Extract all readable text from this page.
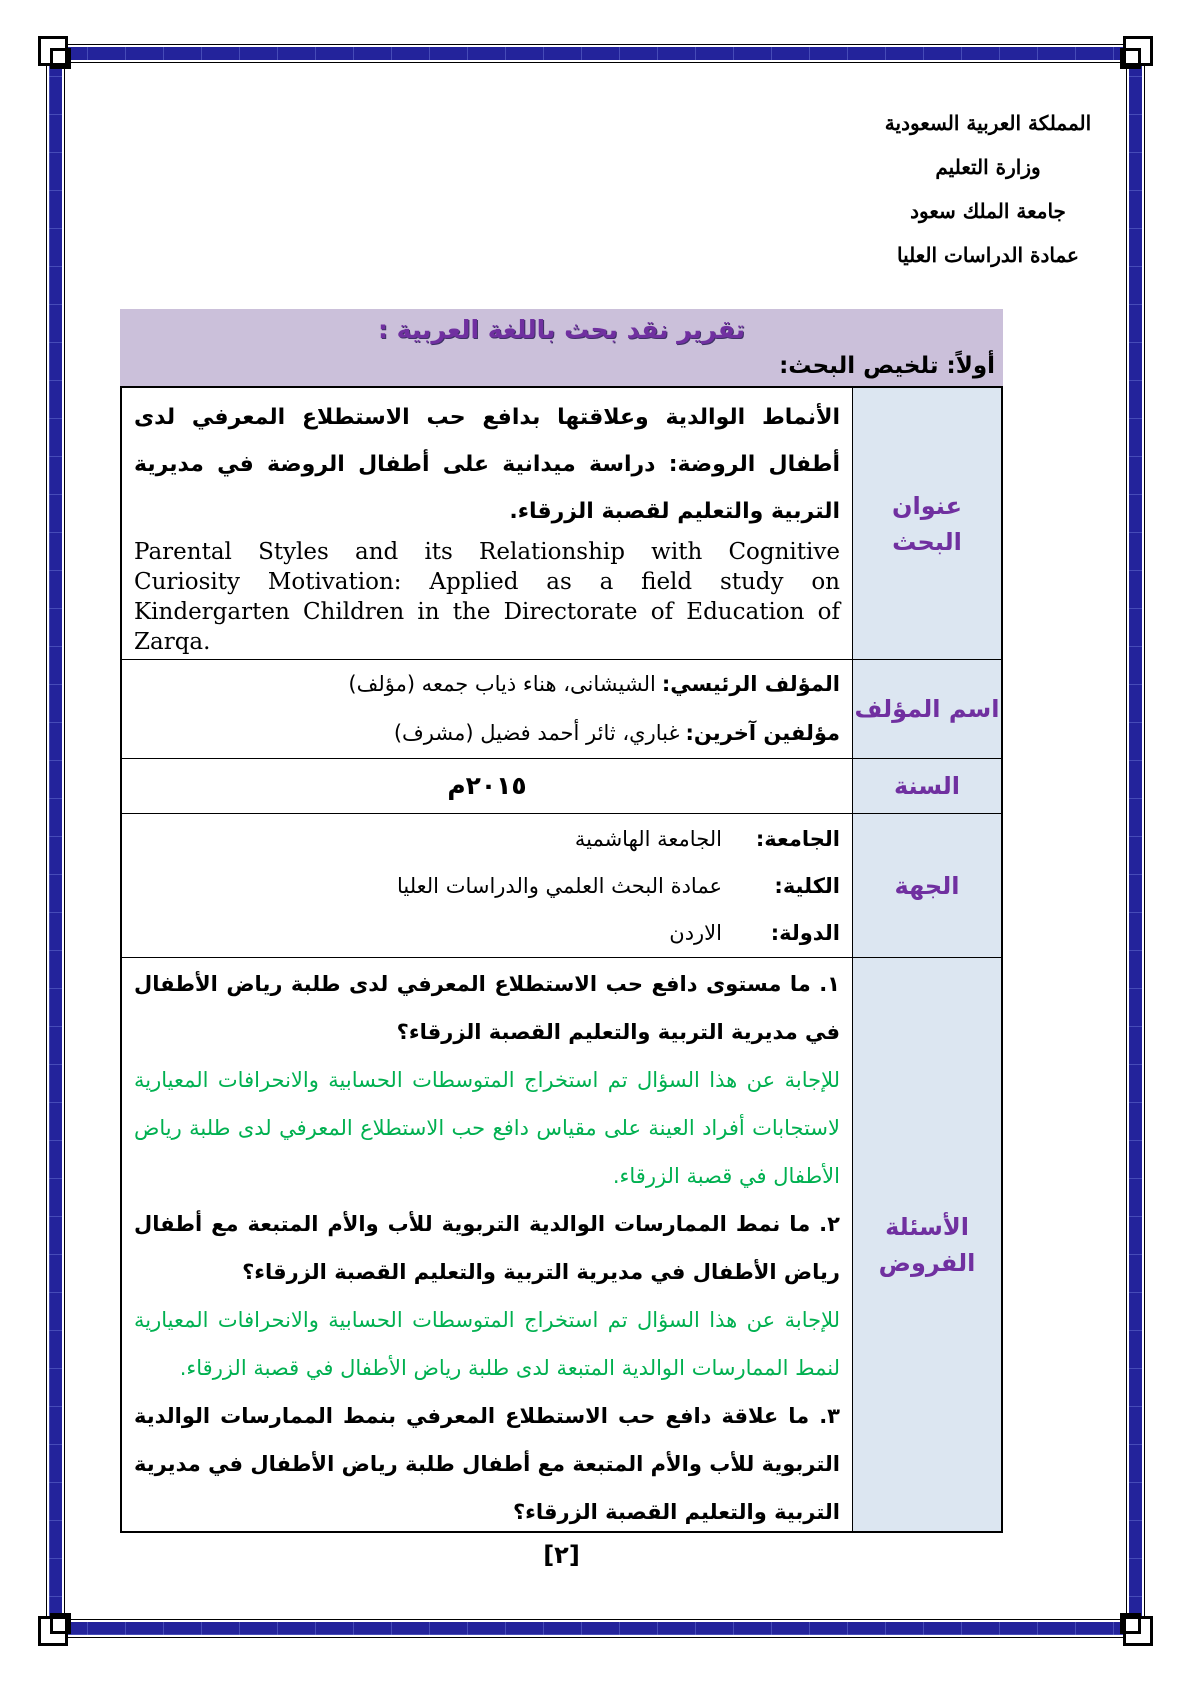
المملكة العربية السعودية
وزارة التعليم
جامعة الملك سعود
عمادة الدراسات العليا
تقرير نقد بحث باللغة العربية :
أولاً: تلخيص البحث:
عنوان البحث

الأنماط الوالدية وعلاقتها بدافع حب الاستطلاع المعرفي لدى أطفال الروضة: دراسة ميدانية على أطفال الروضة في مديرية التربية والتعليم لقصبة الزرقاء.

Parental Styles and its Relationship with Cognitive Curiosity Motivation: Applied as a field study on Kindergarten Children in the Directorate of Education of Zarqa.

اسم المؤلف
المؤلف الرئيسي:الشيشانى، هناء ذياب جمعه (مؤلف)
مؤلفين آخرين:غباري، ثائر أحمد فضيل (مشرف)
السنة
٢٠١٥م
الجهة
الجامعة:
الجامعة الهاشمية
الكلية:
عمادة البحث العلمي والدراسات العليا
الدولة:
الاردن
الأسئلة
الفروض

١. ما مستوى دافع حب الاستطلاع المعرفي لدى طلبة رياض الأطفال في مديرية التربية والتعليم القصبة الزرقاء؟

للإجابة عن هذا السؤال تم استخراج المتوسطات الحسابية والانحرافات المعيارية لاستجابات أفراد العينة على مقياس دافع حب الاستطلاع المعرفي لدى طلبة رياض الأطفال في قصبة الزرقاء.

٢. ما نمط الممارسات الوالدية التربوية للأب والأم المتبعة مع أطفال رياض الأطفال في مديرية التربية والتعليم القصبة الزرقاء؟

للإجابة عن هذا السؤال تم استخراج المتوسطات الحسابية والانحرافات المعيارية لنمط الممارسات الوالدية المتبعة لدى طلبة رياض الأطفال في قصبة الزرقاء.

٣. ما علاقة دافع حب الاستطلاع المعرفي بنمط الممارسات الوالدية التربوية للأب والأم المتبعة مع أطفال طلبة رياض الأطفال في مديرية التربية والتعليم القصبة الزرقاء؟

[٢]
